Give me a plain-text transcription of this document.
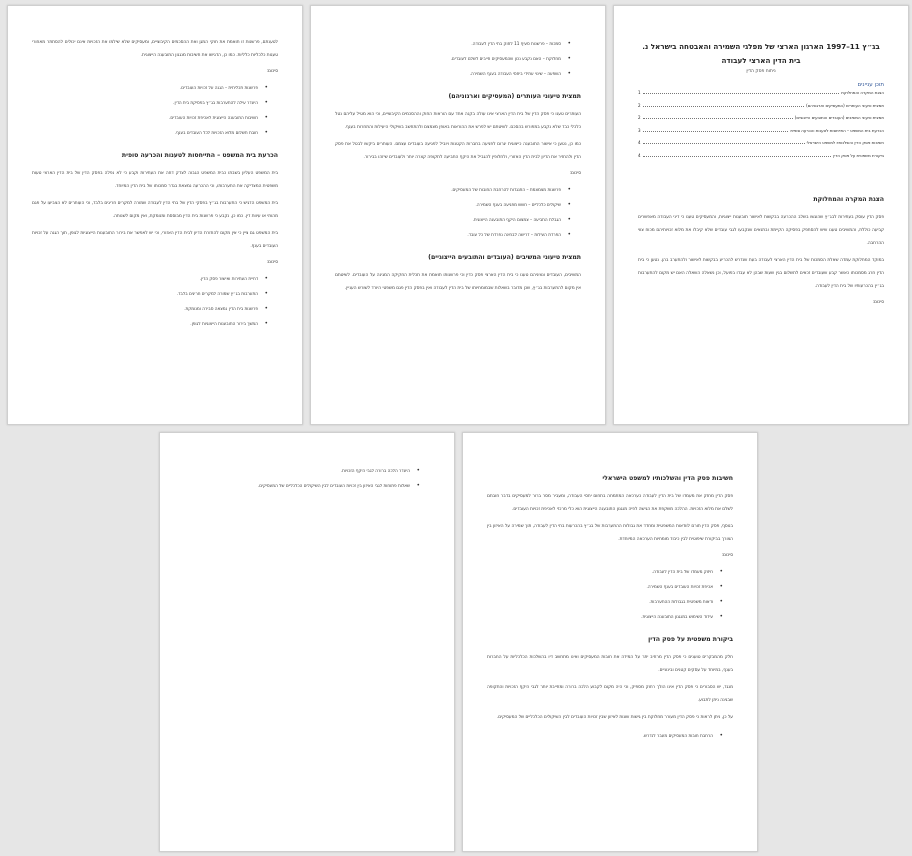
בג״ץ 11–1997 הארגון הארצי של מפלגי השמירה והאבטחה בישראל נ. בית הדין הארצי לעבודה
ניתוח פסק הדין
תוכן עניינים
הצגת המקרה והמחלוקת
1
תמצית טיעוני העותרים (המעסיקים וארגוניהם)
2
תמצית טיעוני המשיבים (העובדים והתובעים הייצוגיים)
2
הכרעת בית המשפט – התייחסות לטענות והכרעה סופית
3
חשיבות פסק הדין והשלכותיו למשפט הישראלי
4
ביקורת משפטית על פסק הדין
4
הצגת המקרה והמחלוקת
פסק הדין עוסק בעתירות לבג״ץ שהוגשו בשלב ההכרעה בבקשות לאישור תובענות ייצוגיות, והמעסיקים טענו כי דיני העבודה מאפשרים קביעה כוללת, והמשיבים טענו שיש להסתפק בפסיקה הקיימת ובתנאים שנקבעו לגבי עובדים שלא קיבלו את מלוא זכויותיהם מכוח צווי ההרחבה.
במוקד המחלוקת עמדה שאלת הסמכות של בית הדין הארצי לעבודה בעת שנדרש להכריע בבקשות לאישור ולהתערב בהן. נטען כי בית הדין חרג מסמכותו כאשר קבע שעובדים זכאים לתשלום בגין שעות שבהן לא עבדו בפועל, וכן נשאלה השאלה האם יש מקום להתערבות בג״ץ בהכרעותיו של בית הדין לעבודה.
סיכום:
• סמכות – פרשנות סעיף 11 לחוק בתי הדין לעבודה.
• מחלוקת – האם נקבע נכון שהמעסיקים חייבים לשלם לעובדים.
• השפעה – שינוי עתידי ביחסי העבודה בענף השמירה.
תמצית טיעוני העותרים (המעסיקים וארגוניהם)
העותרים טענו כי פסק הדין של בית הדין הארצי אינו עולה בקנה אחד עם הוראות החוק וההסכמים הקיבוציים, וכי הוא מטיל עליהם נטל כלכלי כבד שלא נקבע במפורש בהסכם. לשיטתם יש לפרש את ההוראות באופן מצמצם ולהתחשב בשיקולי היעילות והתחרות בענף.
כמו כן, נטען כי אישור התובענה כייצוגית יגרום לפגיעה בחברות הקטנות ויוביל לפגיעה בעובדים עצמם. העותרים ביקשו לבטל את פסק הדין ולהחזיר את הדיון לבית הדין האזורי, ולחלופין להגביל את היקף התביעה לתקופה קצרה יותר ולעובדים שיזהו בבירור.
סיכום:
• פרשנות מצמצמת – התנגדות להרחבת החובות של המעסיקים.
• שיקולים כלכליים – חשש מפגיעה בענף השמירה.
• הגבלת התביעה – צמצום היקף התובענה הייצוגית.
• הפרדת העילות – דרישה לבחינה נפרדת של כל עובד.
תמצית טיעוני המשיבים (העובדים והתובעים הייצוגיים)
המשיבים, העובדים ונציגיהם טענו כי בית הדין הארצי פסק כדין וכי פרשנותו תואמת את תכלית החקיקה המגינה על העובדים. לשיטתם אין מקום להתערבות בג״ץ, שכן מדובר בשאלות שבמומחיותו של בית הדין לעבודה ואין בפסק הדין פגם משפטי היורד לשורש העניין.
לטענתם, פרשנות זו תואמת את חוקי המגן ואת ההסכמים הקיבוציים, ומעסיקים שלא שילמו את הזכויות אינם יכולים להסתתר מאחורי טענות כלכליות כלליות. כמו כן, הדגישו את חשיבות מנגנון התובענה הייצוגית.
סיכום:
• פרשנות תכליתית – הגנה על זכויות העובדים.
• היעדר עילה להתערבות בג״ץ בפסיקת בית הדין.
• חשיבות התובענה הייצוגית לאכיפת זכויות העובדים.
• חובת תשלום מלוא הזכויות לכל העובדים בענף.
הכרעת בית המשפט – התייחסות לטענות והכרעה סופית
בית המשפט העליון בשבתו כבית המשפט הגבוה לצדק דחה את העתירות וקבע כי לא נפלה בפסק הדין של בית הדין הארצי טעות משפטית המצדיקה את התערבותו, וכי ההכרעה נמצאת בגדר סמכותו של בית הדין המיוחד.
בית המשפט הדגיש כי התערבות בג״ץ בפסקי הדין של בתי הדין לעבודה שמורה למקרים חריגים בלבד, וכי העותרים לא הצביעו על פגם מהותי או עיוות דין. כמו כן, נקבע כי פרשנות בית הדין מבוססת ומנומקת, ואין מקום לשנותה.
בית המשפט גם ציין כי אין מקום להחזרת הדיון לבית הדין האזורי, וכי יש לאפשר את בירור התובענות הייצוגיות לגופן, תוך הגנה על זכויות העובדים בענף.
סיכום:
• דחיית העתירות ואישור פסק הדין.
• התערבות בג״ץ שמורה למקרים חריגים בלבד.
• פרשנות בית הדין נמצאה סבירה ומנומקת.
• המשך בירור התובענות הייצוגיות לגופן.
חשיבות פסק הדין והשלכותיו למשפט הישראלי
פסק הדין מחזק את מעמדו של בית הדין לעבודה כערכאה המתמחה בתחום יחסי העבודה, ומעביר מסר ברור למעסיקים בדבר חובתם לשלם את מלוא הזכויות. ההלכה משקפת את הגישה לפיה מנגנון התובענה הייצוגית הוא כלי מרכזי לאכיפת זכויות העובדים.
בנוסף, פסק הדין תורם לוודאות המשפטית ומחדד את גבולות ההתערבות של בג״ץ בהכרעות בתי הדין לעבודה, תוך שמירה על האיזון בין הצורך בביקורת שיפוטית לבין כיבוד מומחיות הערכאה המיוחדת.
סיכום:
• חיזוק מעמדו של בית הדין לעבודה.
• אכיפת זכויות העובדים בענף השמירה.
• ודאות משפטית בגבולות ההתערבות.
• עידוד השימוש במנגנון התובענה הייצוגית.
ביקורת משפטית על פסק הדין
חלק מהמבקרים טוענים כי פסק הדין מרחיב יתר על המידה את חובות המעסיקים ואינו מתחשב דיו בהשלכות הכלכליות על החברות בענף, במיוחד על עסקים קטנים ובינוניים.
מנגד, יש הסבורים כי פסק הדין אינו הולך רחוק מספיק, וכי היה מקום לקבוע הלכה ברורה ומחייבת יותר לגבי היקף הזכויות והתקופה שבגינה ניתן לתבוע.
על כן, ניתן לראות כי פסק הדין מעורר מחלוקת בין גישות שונות לאיזון שבין זכויות העובדים לבין השיקולים הכלכליים של המעסיקים.
• הרחבת חובות המעסיקים מעבר לנדרש.
• היעדר הלכה ברורה לגבי היקף הזכויות.
• שאלות פתוחות לגבי האיזון בין זכויות העובדים לבין השיקולים הכלכליים של המעסיקים.
